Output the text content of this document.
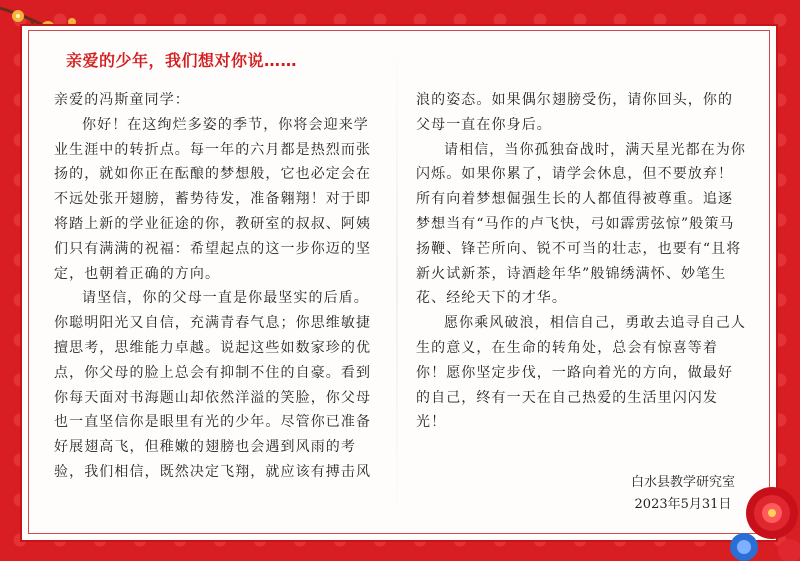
亲爱的少年，我们想对你说……

亲爱的冯斯童同学：

你好！在这绚烂多姿的季节，你将会迎来学业生涯中的转折点。每一年的六月都是热烈而张扬的，就如你正在酝酿的梦想般，它也必定会在不远处张开翅膀，蓄势待发，准备翱翔！对于即将踏上新的学业征途的你，教研室的叔叔、阿姨们只有满满的祝福：希望起点的这一步你迈的坚定，也朝着正确的方向。

请坚信，你的父母一直是你最坚实的后盾。你聪明阳光又自信，充满青春气息；你思维敏捷擅思考，思维能力卓越。说起这些如数家珍的优点，你父母的脸上总会有抑制不住的自豪。看到你每天面对书海题山却依然洋溢的笑脸，你父母也一直坚信你是眼里有光的少年。尽管你已准备好展翅高飞，但稚嫩的翅膀也会遇到风雨的考验，我们相信，既然决定飞翔，就应该有搏击风

浪的姿态。如果偶尔翅膀受伤，请你回头，你的父母一直在你身后。

请相信，当你孤独奋战时，满天星光都在为你闪烁。如果你累了，请学会休息，但不要放弃！所有向着梦想倔强生长的人都值得被尊重。追逐梦想当有“马作的卢飞快，弓如霹雳弦惊”般策马扬鞭、锋芒所向、锐不可当的壮志，也要有“且将新火试新茶，诗酒趁年华”般锦绣满怀、妙笔生花、经纶天下的才华。

愿你乘风破浪，相信自己，勇敢去追寻自己人生的意义，在生命的转角处，总会有惊喜等着你！愿你坚定步伐，一路向着光的方向，做最好的自己，终有一天在自己热爱的生活里闪闪发光！

白水县教学研究室
2023年5月31日
